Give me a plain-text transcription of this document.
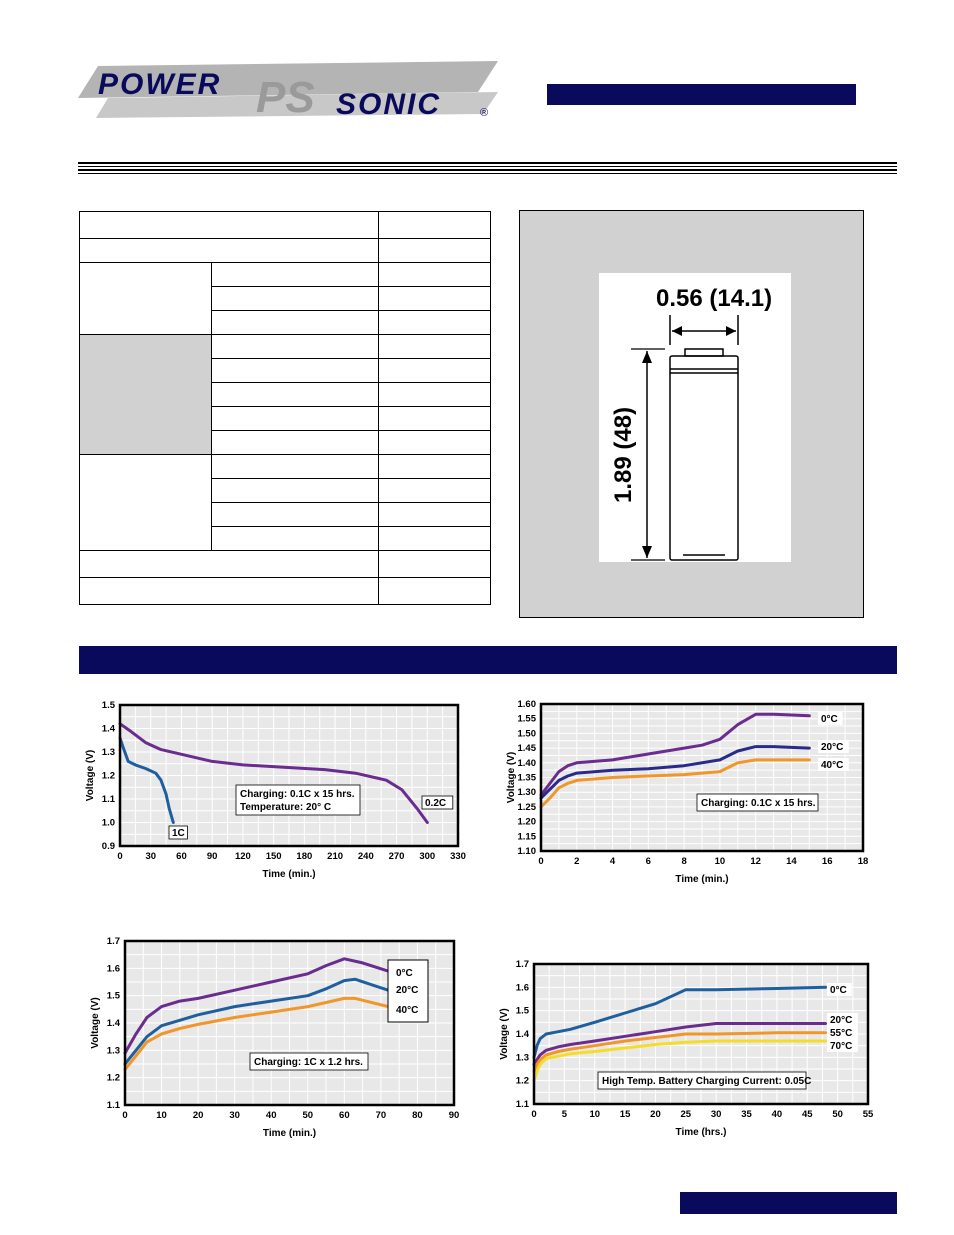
POWER PS SONIC	®

0.56 (14.1)
1.89 (48)
0 30 60 90 120 150 180 210 240 270 300 330
0.9
1.0
1.1
1.2
1.3
1.4
1.5
Time (min.)
Voltage (V)
0.2C
1C
Charging: 0.1C x 15 hrs.
Temperature: 20° C
0	2	4	6	8	10	12	14	16	18
1.10
1.15
1.20
1.25
1.30
1.35
1.40
1.45
1.50
1.55
1.60
Time (min.)
Voltage (V)
0°C
20°C
40°C
Charging: 0.1C x 15 hrs.
0	10	20	30	40	50	60	70	80	90
1.1
1.2
1.3
1.4
1.5
1.6
1.7
Time (min.)
Voltage (V)
0°C
20°C
40°C
Charging: 1C x 1.2 hrs.
0	5 10 15 20 25 30 35 40 45 50 55
1.1
1.2
1.3
1.4
1.5
1.6
1.7
Time (hrs.)
Voltage (V)
0°C
20°C
55°C
70°C
High Temp. Battery Charging Current: 0.05C
